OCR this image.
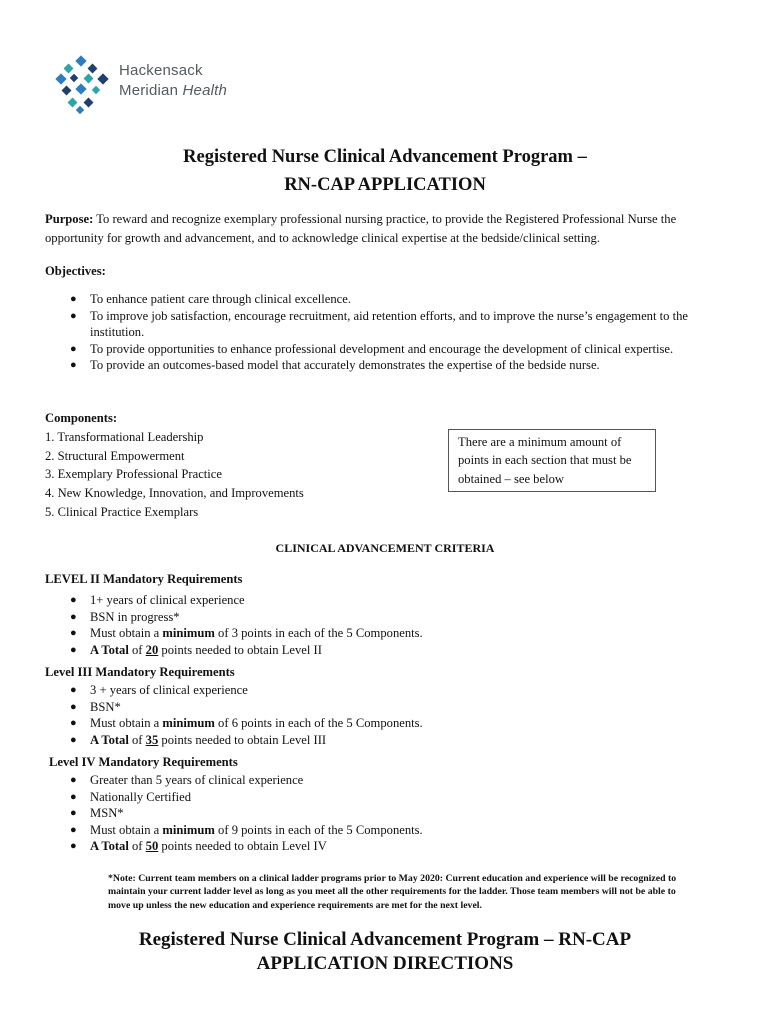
Hackensack
Meridian Health
Registered Nurse Clinical Advancement Program –
RN-CAP APPLICATION
Purpose: To reward and recognize exemplary professional nursing practice, to provide the Registered Professional Nurse the opportunity for growth and advancement, and to acknowledge clinical expertise at the bedside/clinical setting.
Objectives:
● To enhance patient care through clinical excellence.
● To improve job satisfaction, encourage recruitment, aid retention efforts, and to improve the nurse’s engagement to the institution.
● To provide opportunities to enhance professional development and encourage the development of clinical expertise.
● To provide an outcomes-based model that accurately demonstrates the expertise of the bedside nurse.
Components:
1. Transformational Leadership
2. Structural Empowerment
3. Exemplary Professional Practice
4. New Knowledge, Innovation, and Improvements
5. Clinical Practice Exemplars
There are a minimum amount of points in each section that must be obtained – see below
CLINICAL ADVANCEMENT CRITERIA
LEVEL II Mandatory Requirements
● 1+ years of clinical experience
● BSN in progress*
● Must obtain a minimum of 3 points in each of the 5 Components.
● A Total of 20 points needed to obtain Level II
Level III Mandatory Requirements
● 3 + years of clinical experience
● BSN*
● Must obtain a minimum of 6 points in each of the 5 Components.
● A Total of 35 points needed to obtain Level III
Level IV Mandatory Requirements
● Greater than 5 years of clinical experience
● Nationally Certified
● MSN*
● Must obtain a minimum of 9 points in each of the 5 Components.
● A Total of 50 points needed to obtain Level IV
*Note: Current team members on a clinical ladder programs prior to May 2020: Current education and experience will be recognized to maintain your current ladder level as long as you meet all the other requirements for the ladder. Those team members will not be able to move up unless the new education and experience requirements are met for the next level.
Registered Nurse Clinical Advancement Program – RN-CAP
APPLICATION DIRECTIONS
